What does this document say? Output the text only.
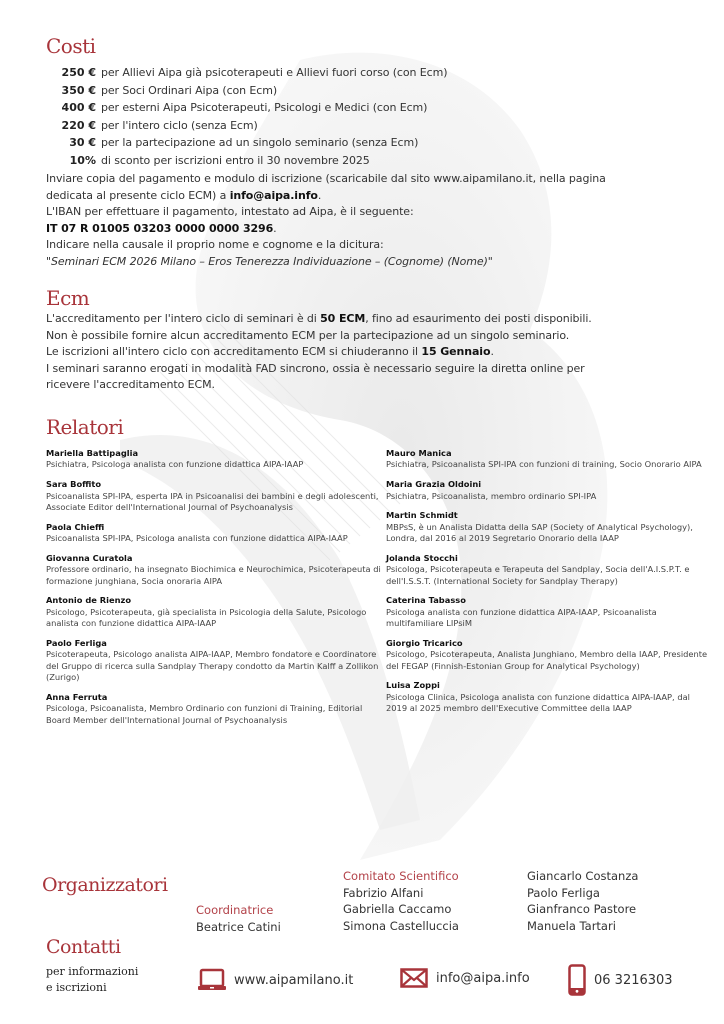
Costi
250 € per Allievi Aipa già psicoterapeuti e Allievi fuori corso (con Ecm)
350 € per Soci Ordinari Aipa (con Ecm)
400 € per esterni Aipa Psicoterapeuti, Psicologi e Medici (con Ecm)
220 € per l'intero ciclo (senza Ecm)
30 € per la partecipazione ad un singolo seminario (senza Ecm)
10% di sconto per iscrizioni entro il 30 novembre 2025
Inviare copia del pagamento e modulo di iscrizione (scaricabile dal sito www.aipamilano.it, nella pagina
dedicata al presente ciclo ECM) a info@aipa.info.
L'IBAN per effettuare il pagamento, intestato ad Aipa, è il seguente:
IT 07 R 01005 03203 0000 0000 3296.
Indicare nella causale il proprio nome e cognome e la dicitura:
"Seminari ECM 2026 Milano – Eros Tenerezza Individuazione – (Cognome) (Nome)"
Ecm
L'accreditamento per l'intero ciclo di seminari è di 50 ECM, fino ad esaurimento dei posti disponibili.
Non è possibile fornire alcun accreditamento ECM per la partecipazione ad un singolo seminario.
Le iscrizioni all'intero ciclo con accreditamento ECM si chiuderanno il 15 Gennaio.
I seminari saranno erogati in modalità FAD sincrono, ossia è necessario seguire la diretta online per
ricevere l'accreditamento ECM.
Relatori
Mariella Battipaglia
Psichiatra, Psicologa analista con funzione didattica AIPA-IAAP
Sara Boffito
Psicoanalista SPI-IPA, esperta IPA in Psicoanalisi dei bambini e degli adolescenti, Associate Editor dell'International Journal of Psychoanalysis
Paola Chieffi
Psicoanalista SPI-IPA, Psicologa analista con funzione didattica AIPA-IAAP
Giovanna Curatola
Professore ordinario, ha insegnato Biochimica e Neurochimica, Psicoterapeuta di formazione junghiana, Socia onoraria AIPA
Antonio de Rienzo
Psicologo, Psicoterapeuta, già specialista in Psicologia della Salute, Psicologo analista con funzione didattica AIPA-IAAP
Paolo Ferliga
Psicoterapeuta, Psicologo analista AIPA-IAAP, Membro fondatore e Coordinatore del Gruppo di ricerca sulla Sandplay Therapy condotto da Martin Kalff a Zollikon (Zurigo)
Anna Ferruta
Psicologa, Psicoanalista, Membro Ordinario con funzioni di Training, Editorial Board Member dell'International Journal of Psychoanalysis
Mauro Manica
Psichiatra, Psicoanalista SPI-IPA con funzioni di training, Socio Onorario AIPA
Maria Grazia Oldoini
Psichiatra, Psicoanalista, membro ordinario SPI-IPA
Martin Schmidt
MBPsS, è un Analista Didatta della SAP (Society of Analytical Psychology), Londra, dal 2016 al 2019 Segretario Onorario della IAAP
Jolanda Stocchi
Psicologa, Psicoterapeuta e Terapeuta del Sandplay, Socia dell'A.I.S.P.T. e dell'I.S.S.T. (International Society for Sandplay Therapy)
Caterina Tabasso
Psicologa analista con funzione didattica AIPA-IAAP, Psicoanalista multifamiliare LIPsiM
Giorgio Tricarico
Psicologo, Psicoterapeuta, Analista Junghiano, Membro della IAAP, Presidente del FEGAP (Finnish-Estonian Group for Analytical Psychology)
Luisa Zoppi
Psicologa Clinica, Psicologa analista con funzione didattica AIPA-IAAP, dal 2019 al 2025 membro dell'Executive Committee della IAAP
Organizzatori
Coordinatrice
Beatrice Catini
Comitato Scientifico
Fabrizio Alfani
Gabriella Caccamo
Simona Castelluccia
Giancarlo Costanza
Paolo Ferliga
Gianfranco Pastore
Manuela Tartari
Contatti
per informazioni
e iscrizioni	www.aipamilano.it	info@aipa.info	06 3216303
